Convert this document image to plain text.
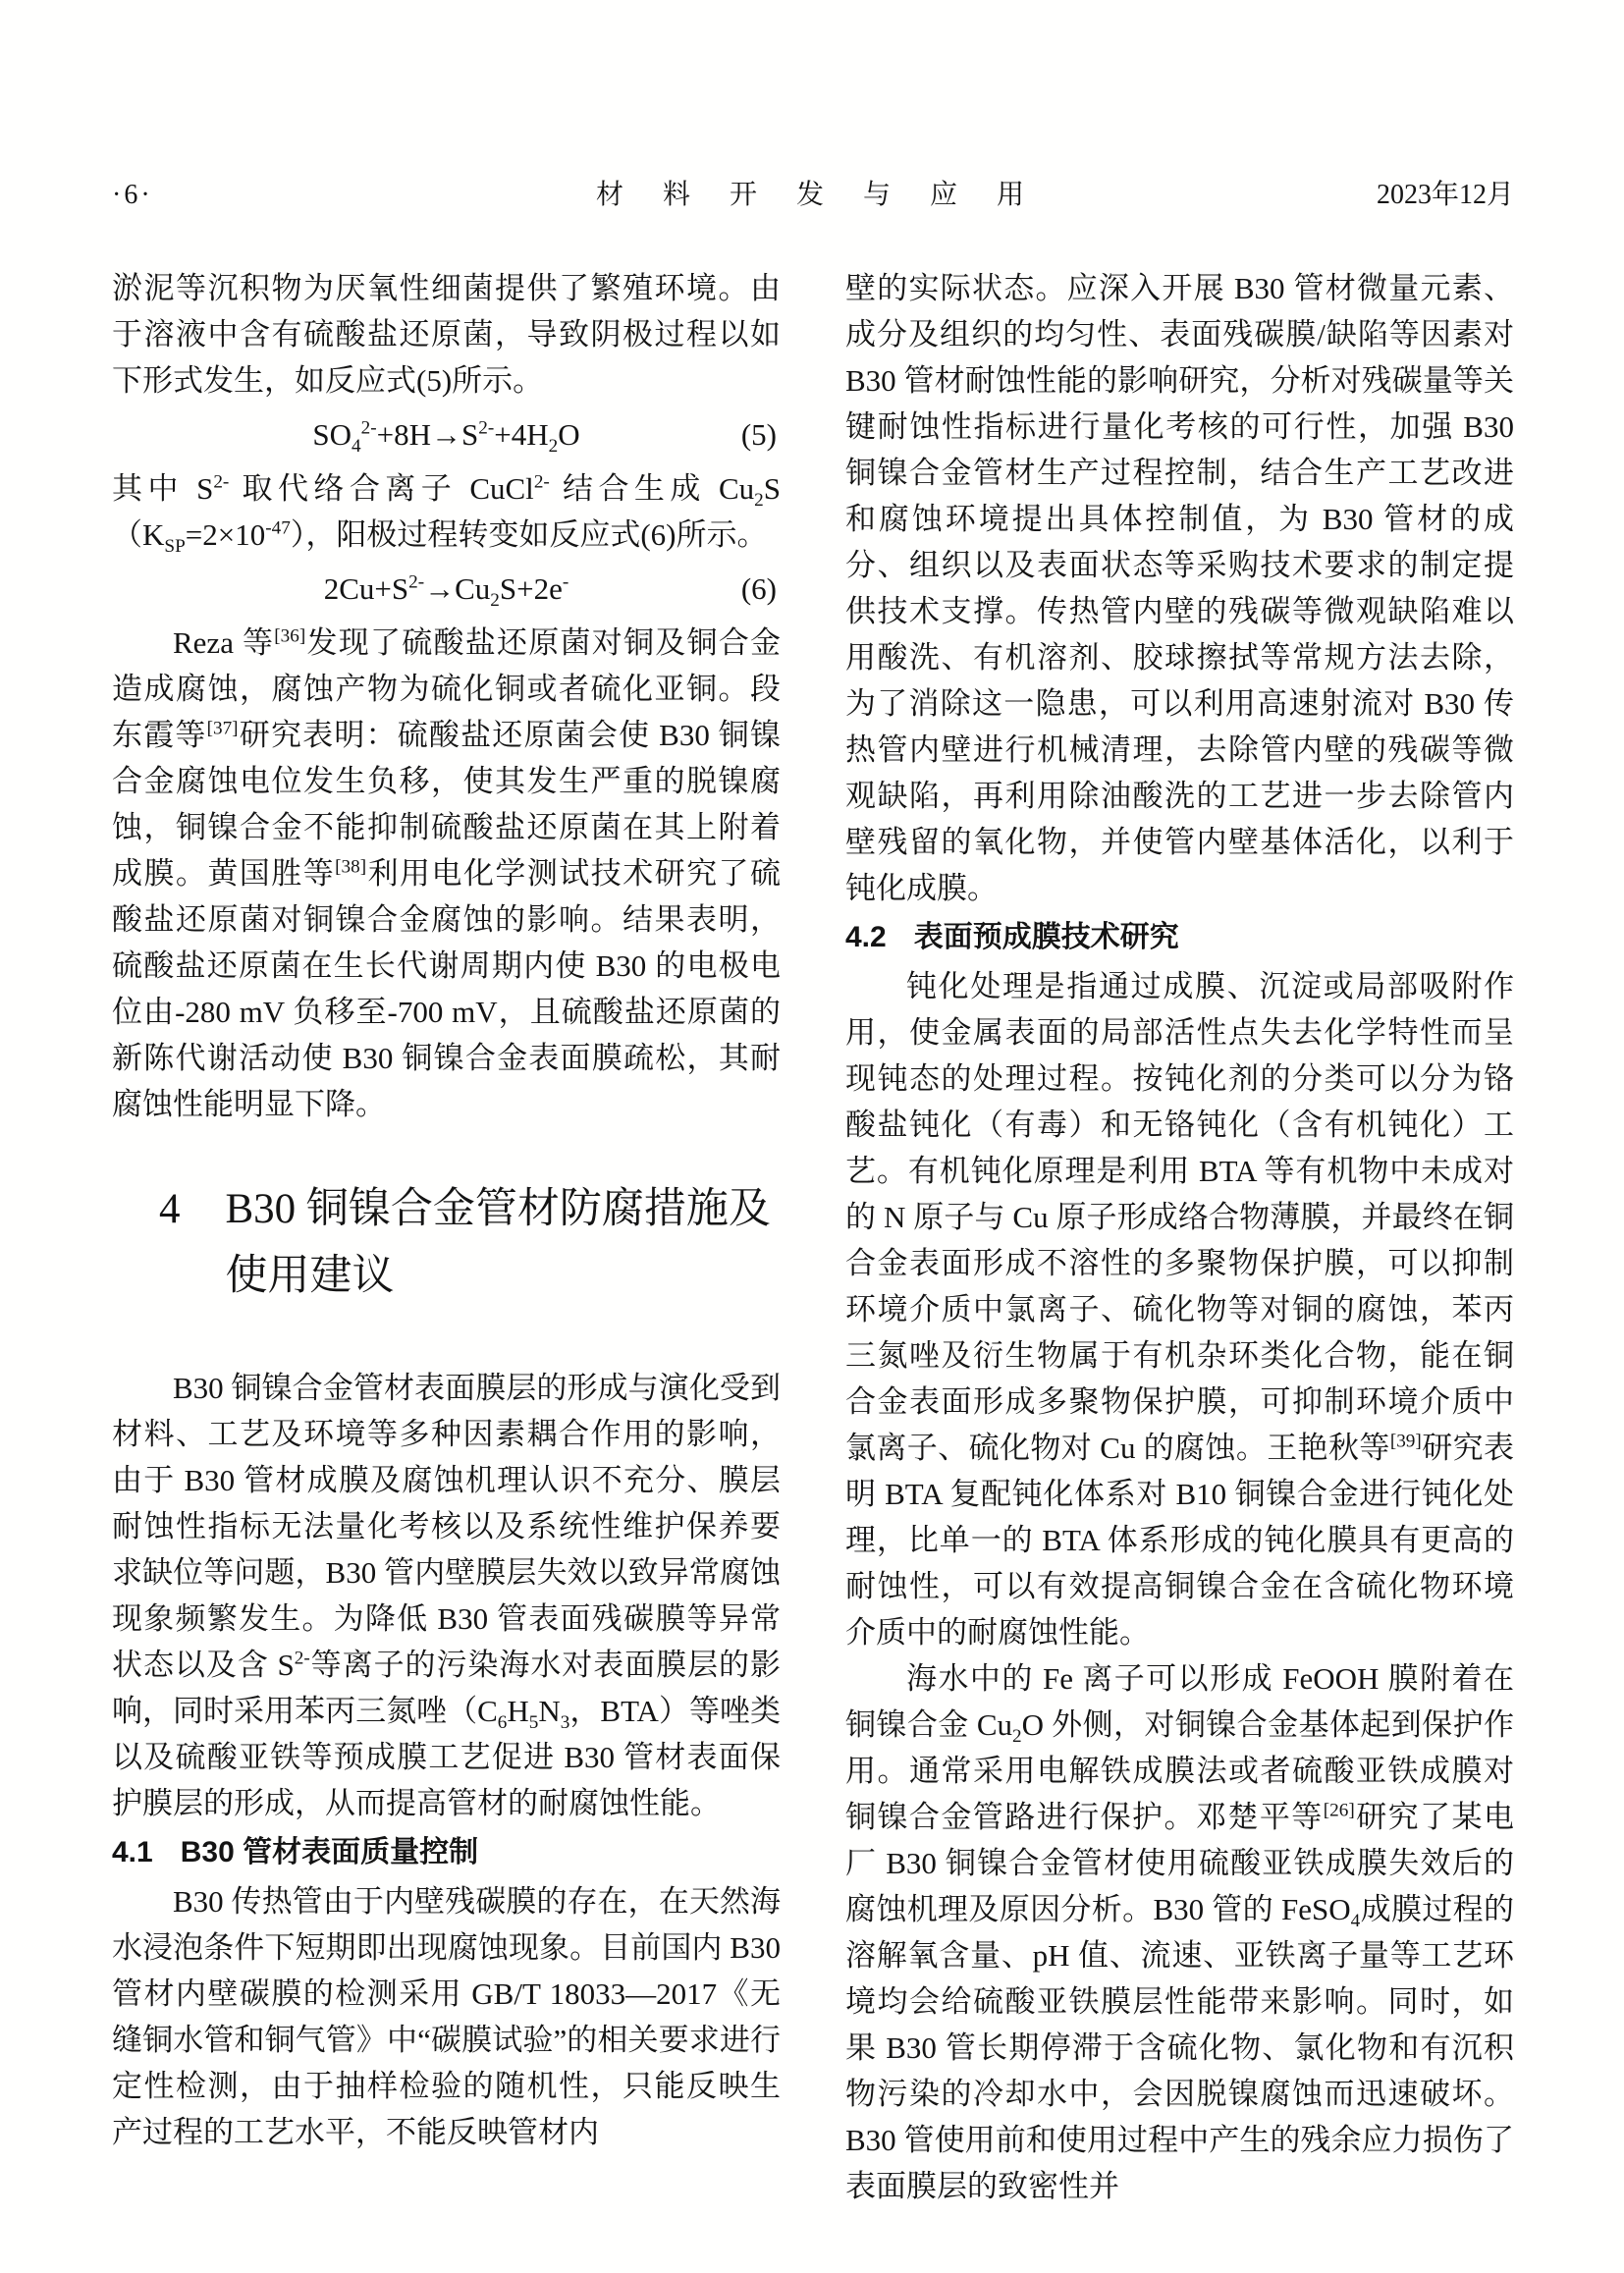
·6·	材　料　开　发　与　应　用	2023年12月

淤泥等沉积物为厌氧性细菌提供了繁殖环境。由于溶液中含有硫酸盐还原菌，导致阴极过程以如下形式发生，如反应式(5)所示。

$SO_4^{2-}+8H\to S^{2-}+4H_2O$	(5)

其中 $S^{2-}$ 取代络合离子 CuCl$^{2-}$ 结合生成 $Cu_2S(K_{SP}=2\times 10^{-47})$，阳极过程转变如反应式(6)所示。

$2Cu+S^{2-}\to Cu_2S+2e^-$	(6)

Reza 等[36]发现了硫酸盐还原菌对铜及铜合金造成腐蚀，腐蚀产物为硫化铜或者硫化亚铜。段东霞等[37]研究表明：硫酸盐还原菌会使 B30 铜镍合金腐蚀电位发生负移，使其发生严重的脱镍腐蚀，铜镍合金不能抑制硫酸盐还原菌在其上附着成膜。黄国胜等[38]利用电化学测试技术研究了硫酸盐还原菌对铜镍合金腐蚀的影响。结果表明，硫酸盐还原菌在生长代谢周期内使 B30 的电极电位由-280 mV 负移至-700 mV，且硫酸盐还原菌的新陈代谢活动使 B30 铜镍合金表面膜疏松，其耐腐蚀性能明显下降。

4 B30 铜镍合金管材防腐措施及使用建议

B30 铜镍合金管材表面膜层的形成与演化受到材料、工艺及环境等多种因素耦合作用的影响，由于 B30 管材成膜及腐蚀机理认识不充分、膜层耐蚀性指标无法量化考核以及系统性维护保养要求缺位等问题，B30 管内壁膜层失效以致异常腐蚀现象频繁发生。为降低 B30 管表面残碳膜等异常状态以及含 $S^{2-}$等离子的污染海水对表面膜层的影响，同时采用苯丙三氮唑（$C_6H_5N_3$，BTA）等唑类以及硫酸亚铁等预成膜工艺促进 B30 管材表面保护膜层的形成，从而提高管材的耐腐蚀性能。

4.1 B30 管材表面质量控制

B30 传热管由于内壁残碳膜的存在，在天然海水浸泡条件下短期即出现腐蚀现象。目前国内 B30 管材内壁碳膜的检测采用 GB/T 18033—2017《无缝铜水管和铜气管》中“碳膜试验”的相关要求进行定性检测，由于抽样检验的随机性，只能反映生产过程的工艺水平，不能反映管材内

壁的实际状态。应深入开展 B30 管材微量元素、成分及组织的均匀性、表面残碳膜/缺陷等因素对 B30 管材耐蚀性能的影响研究，分析对残碳量等关键耐蚀性指标进行量化考核的可行性，加强 B30 铜镍合金管材生产过程控制，结合生产工艺改进和腐蚀环境提出具体控制值，为 B30 管材的成分、组织以及表面状态等采购技术要求的制定提供技术支撑。传热管内壁的残碳等微观缺陷难以用酸洗、有机溶剂、胶球擦拭等常规方法去除，为了消除这一隐患，可以利用高速射流对 B30 传热管内壁进行机械清理，去除管内壁的残碳等微观缺陷，再利用除油酸洗的工艺进一步去除管内壁残留的氧化物，并使管内壁基体活化，以利于钝化成膜。

4.2 表面预成膜技术研究

钝化处理是指通过成膜、沉淀或局部吸附作用，使金属表面的局部活性点失去化学特性而呈现钝态的处理过程。按钝化剂的分类可以分为铬酸盐钝化（有毒）和无铬钝化（含有机钝化）工艺。有机钝化原理是利用 BTA 等有机物中未成对的 N 原子与 Cu 原子形成络合物薄膜，并最终在铜合金表面形成不溶性的多聚物保护膜，可以抑制环境介质中氯离子、硫化物等对铜的腐蚀，苯丙三氮唑及衍生物属于有机杂环类化合物，能在铜合金表面形成多聚物保护膜，可抑制环境介质中氯离子、硫化物对 Cu 的腐蚀。王艳秋等[39]研究表明 BTA 复配钝化体系对 B10 铜镍合金进行钝化处理，比单一的 BTA 体系形成的钝化膜具有更高的耐蚀性，可以有效提高铜镍合金在含硫化物环境介质中的耐腐蚀性能。

海水中的 Fe 离子可以形成 FeOOH 膜附着在铜镍合金 $Cu_2O$ 外侧，对铜镍合金基体起到保护作用。通常采用电解铁成膜法或者硫酸亚铁成膜对铜镍合金管路进行保护。邓楚平等[26]研究了某电厂 B30 铜镍合金管材使用硫酸亚铁成膜失效后的腐蚀机理及原因分析。B30 管的 FeSO$_4$成膜过程的溶解氧含量、pH 值、流速、亚铁离子量等工艺环境均会给硫酸亚铁膜层性能带来影响。同时，如果 B30 管长期停滞于含硫化物、氯化物和有沉积物污染的冷却水中，会因脱镍腐蚀而迅速破坏。B30 管使用前和使用过程中产生的残余应力损伤了表面膜层的致密性并
